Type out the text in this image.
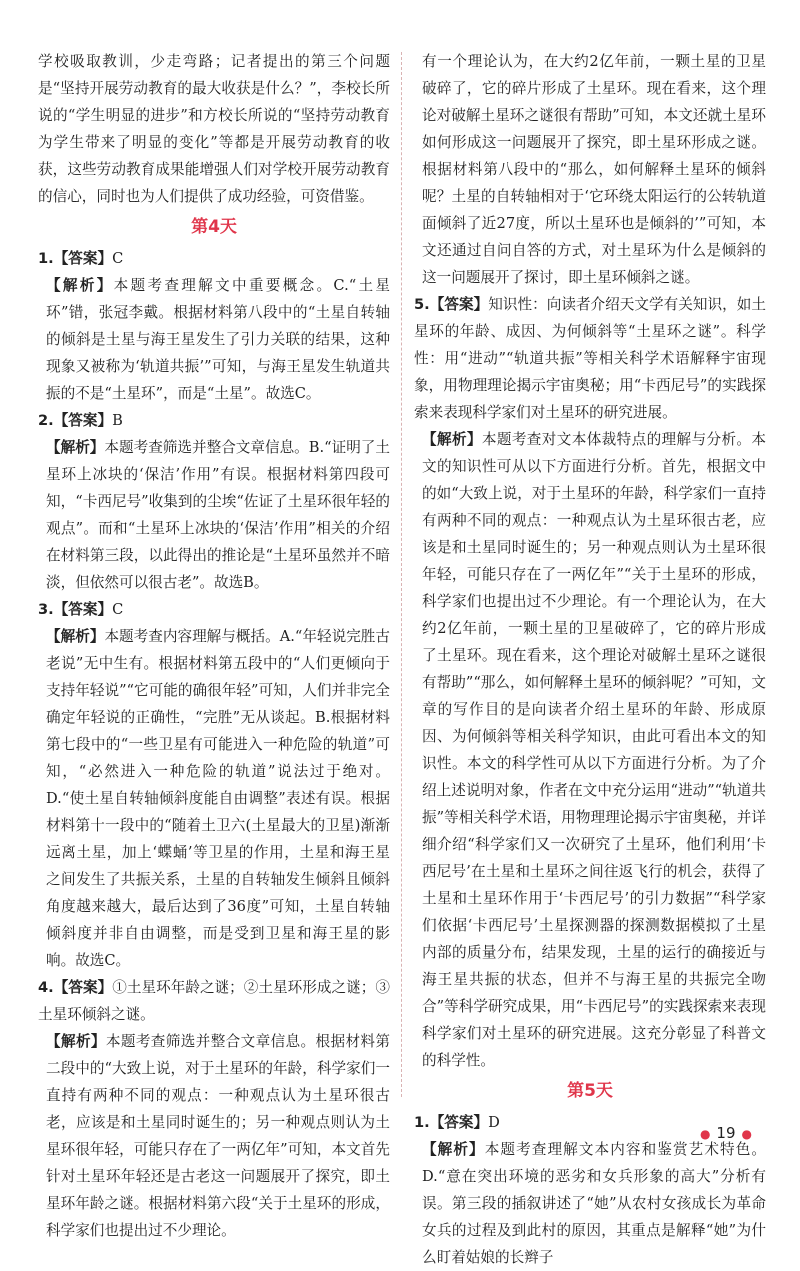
学校吸取教训，少走弯路；记者提出的第三个问题是“坚持开展劳动教育的最大收获是什么？”，李校长所说的“学生明显的进步”和方校长所说的“坚持劳动教育为学生带来了明显的变化”等都是开展劳动教育的收获，这些劳动教育成果能增强人们对学校开展劳动教育的信心，同时也为人们提供了成功经验，可资借鉴。

第4天

1.【答案】C

【解析】本题考查理解文中重要概念。C.“土星环”错，张冠李戴。根据材料第八段中的“土星自转轴的倾斜是土星与海王星发生了引力关联的结果，这种现象又被称为‘轨道共振’”可知，与海王星发生轨道共振的不是“土星环”，而是“土星”。故选C。

2.【答案】B

【解析】本题考查筛选并整合文章信息。B.“证明了土星环上冰块的‘保洁’作用”有误。根据材料第四段可知，“卡西尼号”收集到的尘埃“佐证了土星环很年轻的观点”。而和“土星环上冰块的‘保洁’作用”相关的介绍在材料第三段，以此得出的推论是“土星环虽然并不暗淡，但依然可以很古老”。故选B。

3.【答案】C

【解析】本题考查内容理解与概括。A.“年轻说完胜古老说”无中生有。根据材料第五段中的“人们更倾向于支持年轻说”“它可能的确很年轻”可知，人们并非完全确定年轻说的正确性，“完胜”无从谈起。B.根据材料第七段中的“一些卫星有可能进入一种危险的轨道”可知，“必然进入一种危险的轨道”说法过于绝对。D.“使土星自转轴倾斜度能自由调整”表述有误。根据材料第十一段中的“随着土卫六(土星最大的卫星)渐渐远离土星，加上‘蝶蛹’等卫星的作用，土星和海王星之间发生了共振关系，土星的自转轴发生倾斜且倾斜角度越来越大，最后达到了36度”可知，土星自转轴倾斜度并非自由调整，而是受到卫星和海王星的影响。故选C。

4.【答案】①土星环年龄之谜；②土星环形成之谜；③土星环倾斜之谜。

【解析】本题考查筛选并整合文章信息。根据材料第二段中的“大致上说，对于土星环的年龄，科学家们一直持有两种不同的观点：一种观点认为土星环很古老，应该是和土星同时诞生的；另一种观点则认为土星环很年轻，可能只存在了一两亿年”可知，本文首先针对土星环年轻还是古老这一问题展开了探究，即土星环年龄之谜。根据材料第六段“关于土星环的形成，科学家们也提出过不少理论。

有一个理论认为，在大约2亿年前，一颗土星的卫星破碎了，它的碎片形成了土星环。现在看来，这个理论对破解土星环之谜很有帮助”可知，本文还就土星环如何形成这一问题展开了探究，即土星环形成之谜。根据材料第八段中的“那么，如何解释土星环的倾斜呢？土星的自转轴相对于‘它环绕太阳运行的公转轨道面倾斜了近27度，所以土星环也是倾斜的’”可知，本文还通过自问自答的方式，对土星环为什么是倾斜的这一问题展开了探讨，即土星环倾斜之谜。

5.【答案】知识性：向读者介绍天文学有关知识，如土星环的年龄、成因、为何倾斜等“土星环之谜”。科学性：用“进动”“轨道共振”等相关科学术语解释宇宙现象，用物理理论揭示宇宙奥秘；用“卡西尼号”的实践探索来表现科学家们对土星环的研究进展。

【解析】本题考查对文本体裁特点的理解与分析。本文的知识性可从以下方面进行分析。首先，根据文中的如“大致上说，对于土星环的年龄，科学家们一直持有两种不同的观点：一种观点认为土星环很古老，应该是和土星同时诞生的；另一种观点则认为土星环很年轻，可能只存在了一两亿年”“关于土星环的形成，科学家们也提出过不少理论。有一个理论认为，在大约2亿年前，一颗土星的卫星破碎了，它的碎片形成了土星环。现在看来，这个理论对破解土星环之谜很有帮助”“那么，如何解释土星环的倾斜呢？”可知，文章的写作目的是向读者介绍土星环的年龄、形成原因、为何倾斜等相关科学知识，由此可看出本文的知识性。本文的科学性可从以下方面进行分析。为了介绍上述说明对象，作者在文中充分运用“进动”“轨道共振”等相关科学术语，用物理理论揭示宇宙奥秘，并详细介绍“科学家们又一次研究了土星环，他们利用‘卡西尼号’在土星和土星环之间往返飞行的机会，获得了土星和土星环作用于‘卡西尼号’的引力数据”“科学家们依据‘卡西尼号’土星探测器的探测数据模拟了土星内部的质量分布，结果发现，土星的运行的确接近与海王星共振的状态，但并不与海王星的共振完全吻合”等科学研究成果，用“卡西尼号”的实践探索来表现科学家们对土星环的研究进展。这充分彰显了科普文的科学性。

第5天

1.【答案】D

【解析】本题考查理解文本内容和鉴赏艺术特色。D.“意在突出环境的恶劣和女兵形象的高大”分析有误。第三段的插叙讲述了“她”从农村女孩成长为革命女兵的过程及到此村的原因，其重点是解释“她”为什么盯着姑娘的长辫子

● 19 ●
